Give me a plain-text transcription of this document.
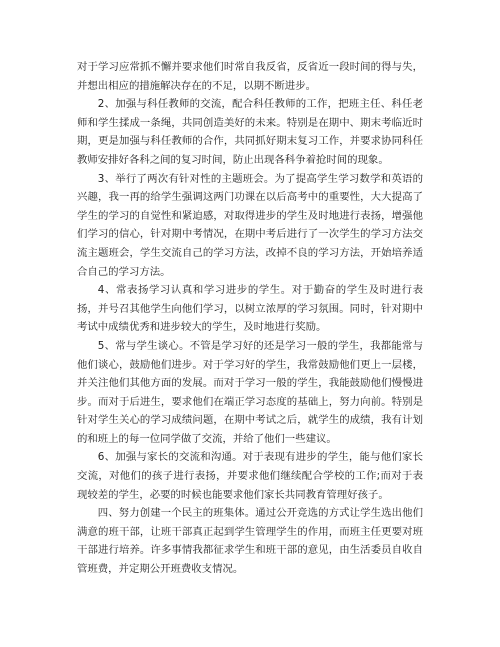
对于学习应常抓不懈并要求他们时常自我反省，反省近一段时间的得与失，并想出相应的措施解决存在的不足，以期不断进步。

2、加强与科任教师的交流，配合科任教师的工作，把班主任、科任老师和学生揉成一条绳，共同创造美好的未来。特别是在期中、期末考临近时期，更是加强与科任教师的合作，共同抓好期末复习工作，并要求协同科任教师安排好各科之间的复习时间，防止出现各科争着抢时间的现象。

3、举行了两次有针对性的主题班会。为了提高学生学习数学和英语的兴趣，我一再的给学生强调这两门功课在以后高考中的重要性，大大提高了学生的学习的自觉性和紧迫感，对取得进步的学生及时地进行表扬，增强他们学习的信心，针对期中考情况，在期中考后进行了一次学生的学习方法交流主题班会，学生交流自己的学习方法，改掉不良的学习方法，开始培养适合自己的学习方法。

4、常表扬学习认真和学习进步的学生。对于勤奋的学生及时进行表扬，并号召其他学生向他们学习，以树立浓厚的学习氛围。同时，针对期中考试中成绩优秀和进步较大的学生，及时地进行奖励。

5、常与学生谈心。不管是学习好的还是学习一般的学生，我都能常与他们谈心，鼓励他们进步。对于学习好的学生，我常鼓励他们更上一层楼，并关注他们其他方面的发展。而对于学习一般的学生，我能鼓励他们慢慢进步。而对于后进生，要求他们在端正学习态度的基础上，努力向前。特别是针对学生关心的学习成绩问题，在期中考试之后，就学生的成绩，我有计划的和班上的每一位同学做了交流，并给了他们一些建议。

6、加强与家长的交流和沟通。对于表现有进步的学生，能与他们家长交流，对他们的孩子进行表扬，并要求他们继续配合学校的工作;而对于表现较差的学生，必要的时候也能要求他们家长共同教育管理好孩子。

四、努力创建一个民主的班集体。通过公开竞选的方式让学生选出他们满意的班干部，让班干部真正起到学生管理学生的作用，而班主任更要对班干部进行培养。许多事情我都征求学生和班干部的意见，由生活委员自收自管班费，并定期公开班费收支情况。
